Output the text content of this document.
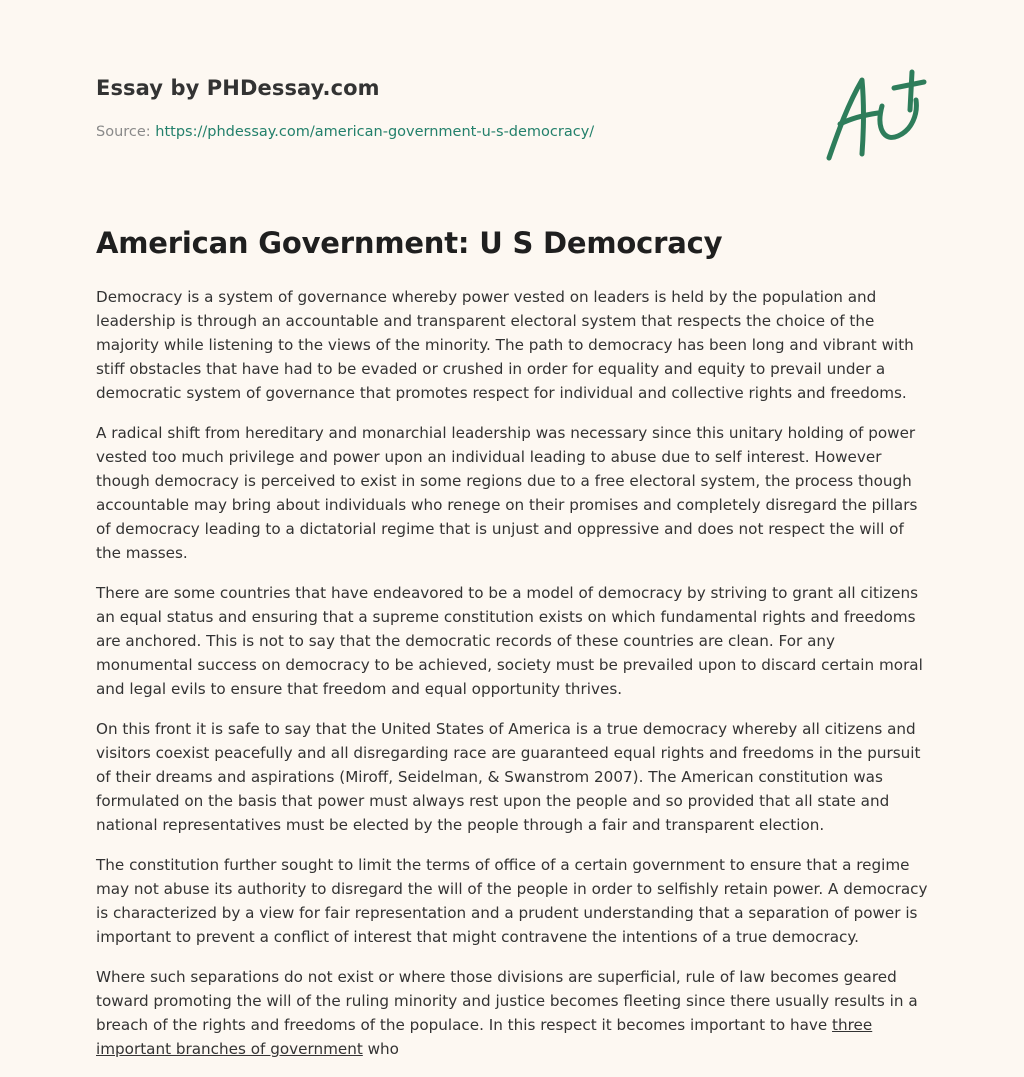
Essay by PHDessay.com
Source: https://phdessay.com/american-government-u-s-democracy/
American Government: U S Democracy

Democracy is a system of governance whereby power vested on leaders is held by the population and leadership is through an accountable and transparent electoral system that respects the choice of the majority while listening to the views of the minority. The path to democracy has been long and vibrant with stiff obstacles that have had to be evaded or crushed in order for equality and equity to prevail under a democratic system of governance that promotes respect for individual and collective rights and freedoms.

A radical shift from hereditary and monarchial leadership was necessary since this unitary holding of power vested too much privilege and power upon an individual leading to abuse due to self interest. However though democracy is perceived to exist in some regions due to a free electoral system, the process though accountable may bring about individuals who renege on their promises and completely disregard the pillars of democracy leading to a dictatorial regime that is unjust and oppressive and does not respect the will of the masses.

There are some countries that have endeavored to be a model of democracy by striving to grant all citizens an equal status and ensuring that a supreme constitution exists on which fundamental rights and freedoms are anchored. This is not to say that the democratic records of these countries are clean. For any monumental success on democracy to be achieved, society must be prevailed upon to discard certain moral and legal evils to ensure that freedom and equal opportunity thrives.

On this front it is safe to say that the United States of America is a true democracy whereby all citizens and visitors coexist peacefully and all disregarding race are guaranteed equal rights and freedoms in the pursuit of their dreams and aspirations (Miroff, Seidelman, & Swanstrom 2007). The American constitution was formulated on the basis that power must always rest upon the people and so provided that all state and national representatives must be elected by the people through a fair and transparent election.

The constitution further sought to limit the terms of office of a certain government to ensure that a regime may not abuse its authority to disregard the will of the people in order to selfishly retain power. A democracy is characterized by a view for fair representation and a prudent understanding that a separation of power is important to prevent a conflict of interest that might contravene the intentions of a true democracy.

Where such separations do not exist or where those divisions are superficial, rule of law becomes geared toward promoting the will of the ruling minority and justice becomes fleeting since there usually results in a breach of the rights and freedoms of the populace. In this respect it becomes important to have three important branches of government who
